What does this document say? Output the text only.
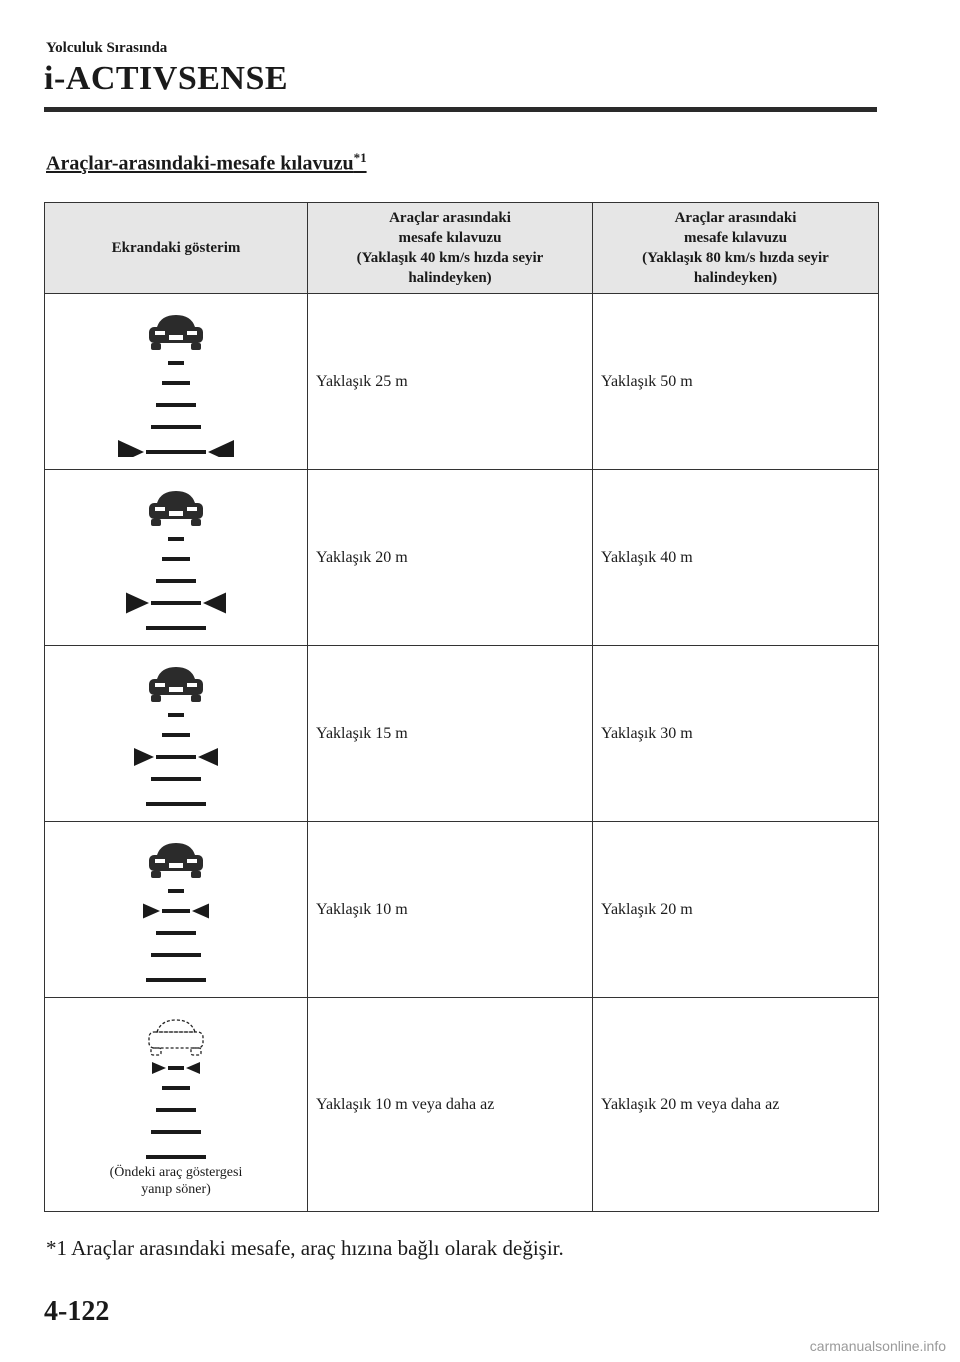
Yolculuk Sırasında
i-ACTIVSENSE
Araçlar-arasındaki-mesafe kılavuzu$^{*1}$
Ekrandaki gösterim	Araçlar arasındaki
mesafe kılavuzu
(Yaklaşık 40 km/s hızda seyir
halindeyken)	Araçlar arasındaki
mesafe kılavuzu
(Yaklaşık 80 km/s hızda seyir
halindeyken)

	Yaklaşık 25 m	Yaklaşık 50 m

	Yaklaşık 20 m	Yaklaşık 40 m

	Yaklaşık 15 m	Yaklaşık 30 m

	Yaklaşık 10 m	Yaklaşık 20 m

(Öndeki araç göstergesi
yanıp söner)	Yaklaşık 10 m veya daha az	Yaklaşık 20 m veya daha az
*1 Araçlar arasındaki mesafe, araç hızına bağlı olarak değişir.
4-122
carmanualsonline.info
